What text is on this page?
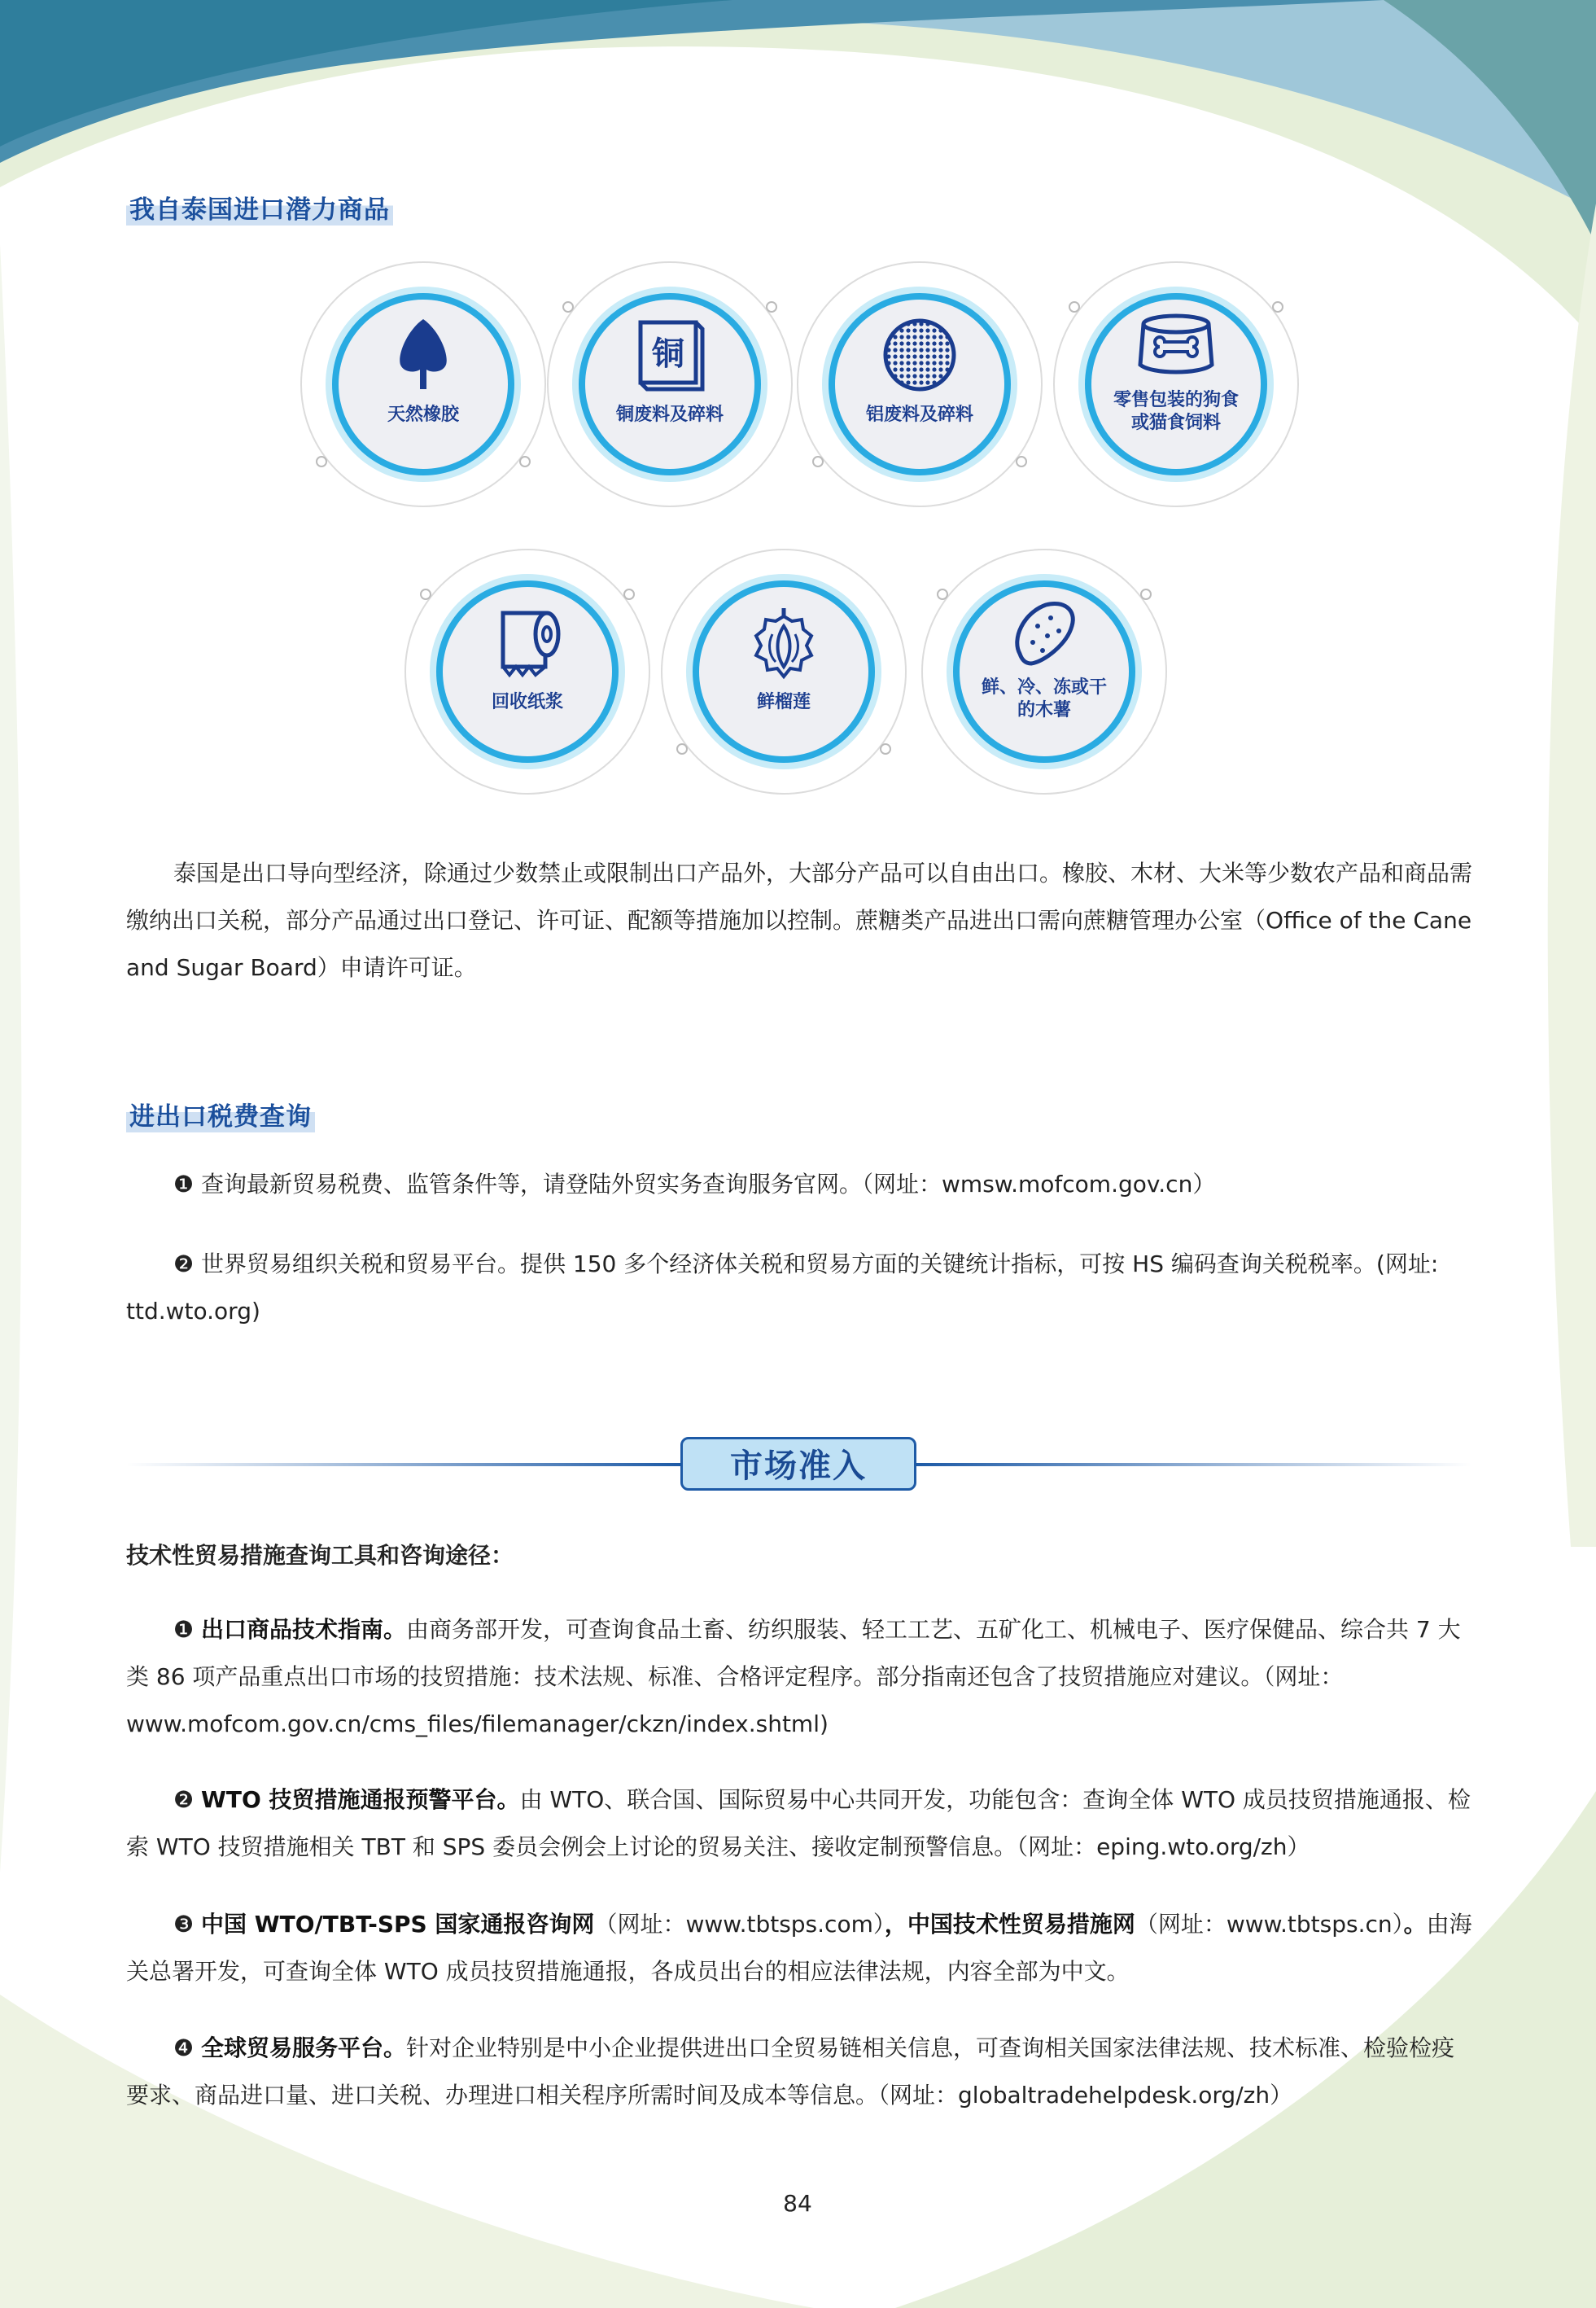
我自泰国进口潜力商品
天然橡胶
铜
铜废料及碎料	铝废料及碎料
零售包装的狗食
或猫食饲料
回收纸浆	鲜榴莲
鲜、冷、冻或干
的木薯
泰国是出口导向型经济，除通过少数禁止或限制出口产品外，大部分产品可以自由出口。橡胶、木材、大米等少数农产品和商品需缴纳出口关税，部分产品通过出口登记、许可证、配额等措施加以控制。蔗糖类产品进出口需向蔗糖管理办公室（Office of the Cane and Sugar Board）申请许可证。
进出口税费查询
❶ 查询最新贸易税费、监管条件等，请登陆外贸实务查询服务官网。（网址：wmsw.mofcom.gov.cn）
❷ 世界贸易组织关税和贸易平台。提供 150 多个经济体关税和贸易方面的关键统计指标，可按 HS 编码查询关税税率。(网址: ttd.wto.org)
市场准入
技术性贸易措施查询工具和咨询途径：
❶ 出口商品技术指南。由商务部开发，可查询食品土畜、纺织服装、轻工工艺、五矿化工、机械电子、医疗保健品、综合共 7 大类 86 项产品重点出口市场的技贸措施：技术法规、标准、合格评定程序。部分指南还包含了技贸措施应对建议。（网址：www.mofcom.gov.cn/cms_files/filemanager/ckzn/index.shtml)
❷ WTO 技贸措施通报预警平台。由 WTO、联合国、国际贸易中心共同开发，功能包含：查询全体 WTO 成员技贸措施通报、检索 WTO 技贸措施相关 TBT 和 SPS 委员会例会上讨论的贸易关注、接收定制预警信息。（网址：eping.wto.org/zh）
❸ 中国 WTO/TBT-SPS 国家通报咨询网（网址：www.tbtsps.com），中国技术性贸易措施网（网址：www.tbtsps.cn）。由海关总署开发，可查询全体 WTO 成员技贸措施通报，各成员出台的相应法律法规，内容全部为中文。
❹ 全球贸易服务平台。针对企业特别是中小企业提供进出口全贸易链相关信息，可查询相关国家法律法规、技术标准、检验检疫要求、商品进口量、进口关税、办理进口相关程序所需时间及成本等信息。（网址：globaltradehelpdesk.org/zh）
84
